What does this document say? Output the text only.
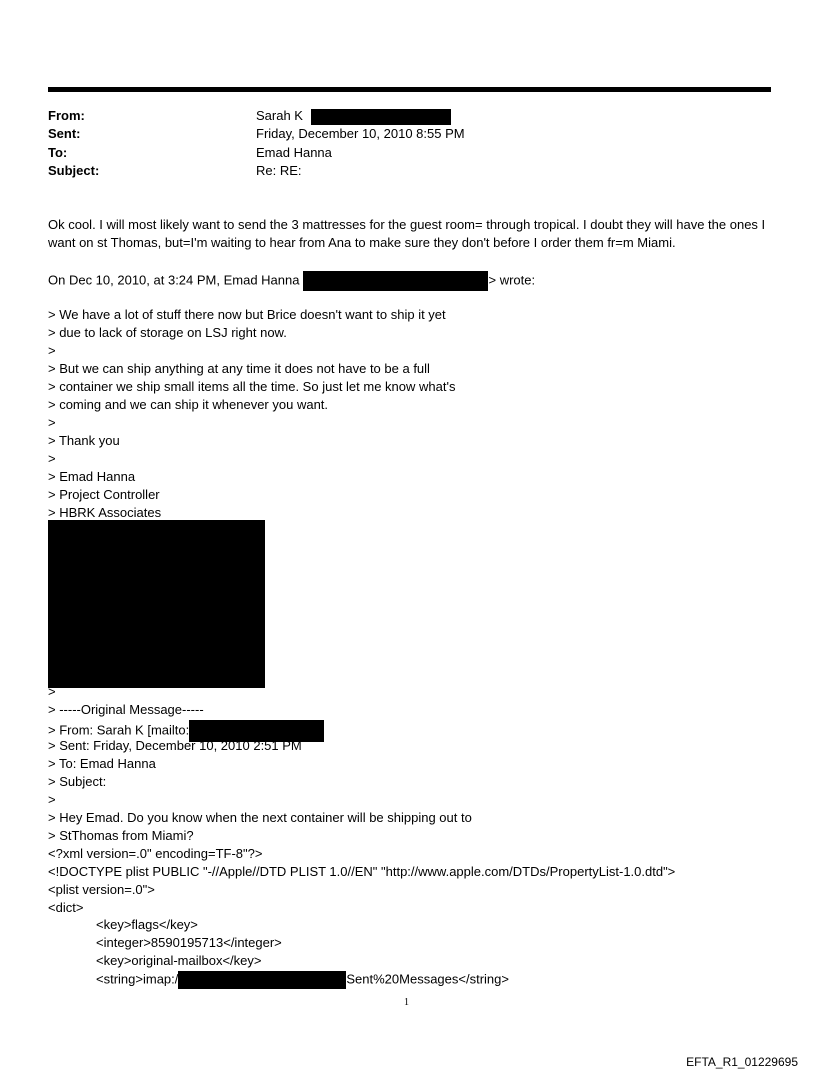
From:	Sarah K
Sent:	Friday, December 10, 2010 8:55 PM
To:	Emad Hanna
Subject:	Re: RE:
Ok cool. I will most likely want to send the 3 mattresses for the guest room= through tropical. I doubt they will have the ones I want on st Thomas, but=I'm waiting to hear from Ana to make sure they don't before I order them fr=m Miami.
On Dec 10, 2010, at 3:24 PM, Emad Hanna	> wrote:
> We have a lot of stuff there now but Brice doesn't want to ship it yet
> due to lack of storage on LSJ right now.
>
> But we can ship anything at any time it does not have to be a full
> container we ship small items all the time. So just let me know what's
> coming and we can ship it whenever you want.
>
> Thank you
>
> Emad Hanna
> Project Controller
> HBRK Associates
>
> -----Original Message-----
> From: Sarah K [mailto:
> Sent: Friday, December 10, 2010 2:51 PM
> To: Emad Hanna
> Subject:
>
> Hey Emad. Do you know when the next container will be shipping out to
> StThomas from Miami?
<?xml version=.0" encoding=TF-8"?>
<!DOCTYPE plist PUBLIC "-//Apple//DTD PLIST 1.0//EN" "http://www.apple.com/DTDs/PropertyList-1.0.dtd">
<plist version=.0">
<dict>
<key>flags</key>
<integer>8590195713</integer>
<key>original-mailbox</key>
<string>imap:/	Sent%20Messages</string>
1
EFTA_R1_01229695
